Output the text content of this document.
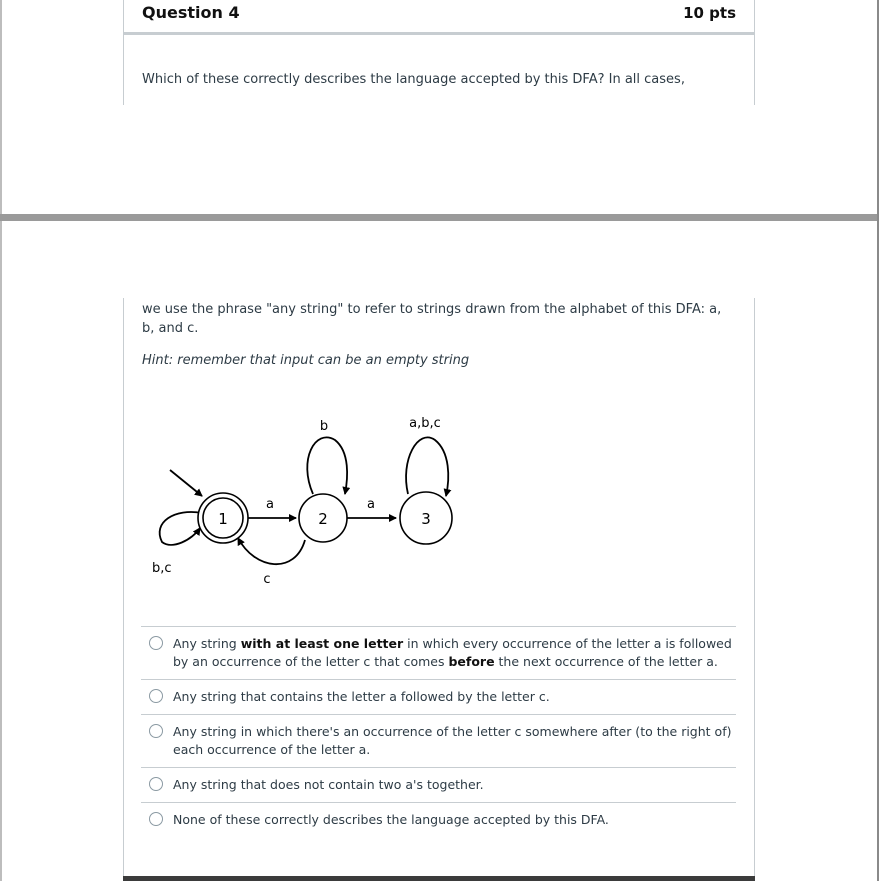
Question 4	10 pts
Which of these correctly describes the language accepted by this DFA? In all cases,
we use the phrase "any string" to refer to strings drawn from the alphabet of this DFA: a, b, and c.
Hint: remember that input can be an empty string
1	2	3
b,c
a
c
b
a
a,b,c
Any string with at least one letter in which every occurrence of the letter a is followed by an occurrence of the letter c that comes before the next occurrence of the letter a.
Any string that contains the letter a followed by the letter c.
Any string in which there's an occurrence of the letter c somewhere after (to the right of) each occurrence of the letter a.
Any string that does not contain two a's together.
None of these correctly describes the language accepted by this DFA.
